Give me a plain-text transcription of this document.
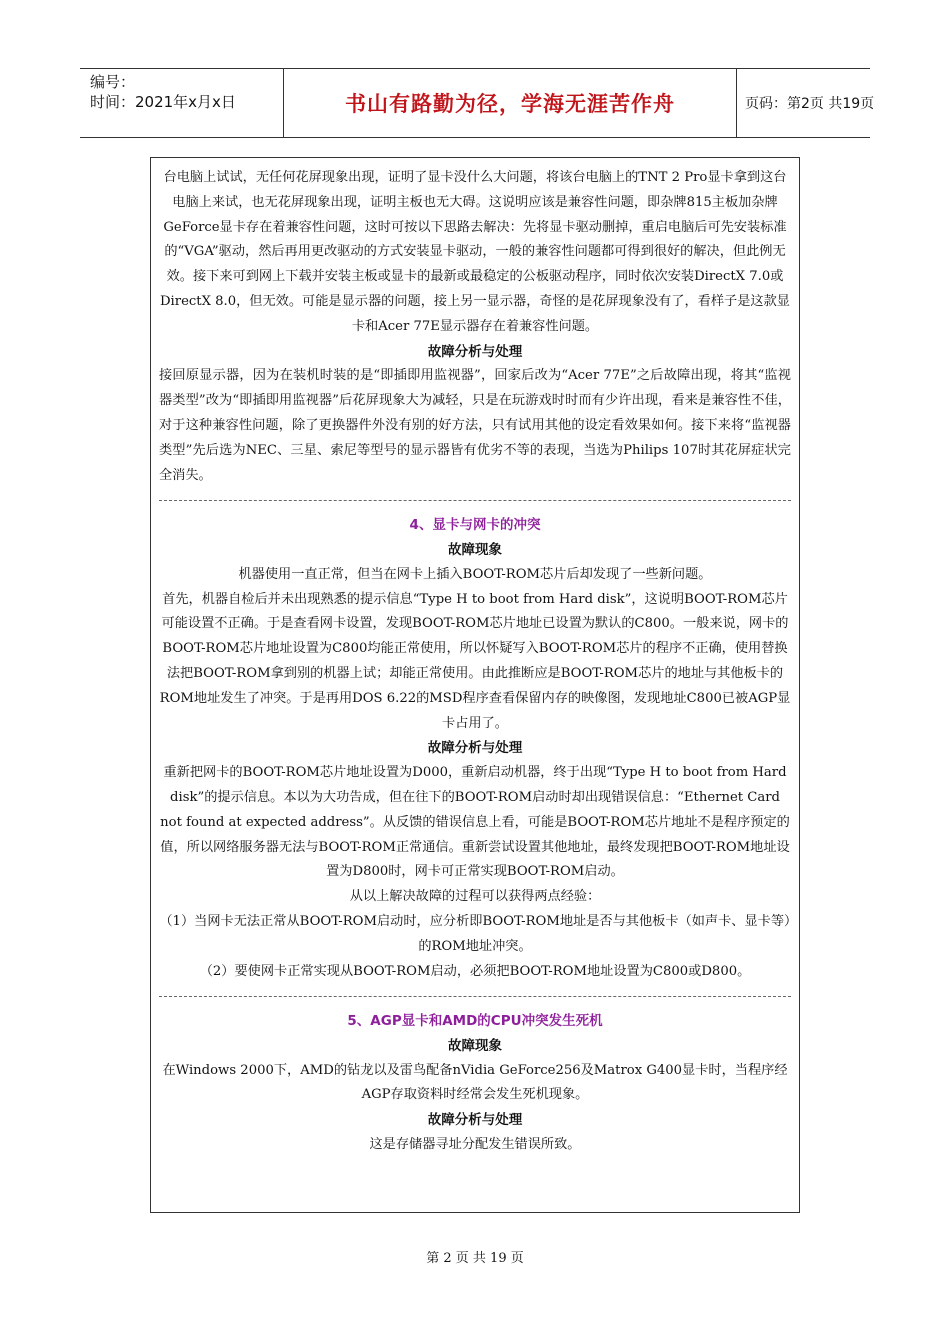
编号：
时间：2021年x月x日	书山有路勤为径，学海无涯苦作舟	页码：第2页 共19页

台电脑上试试，无任何花屏现象出现，证明了显卡没什么大问题，将该台电脑上的TNT 2 Pro显卡拿到这台电脑上来试，也无花屏现象出现，证明主板也无大碍。这说明应该是兼容性问题，即杂牌815主板加杂牌GeForce显卡存在着兼容性问题，这时可按以下思路去解决：先将显卡驱动删掉，重启电脑后可先安装标准的“VGA”驱动，然后再用更改驱动的方式安装显卡驱动，一般的兼容性问题都可得到很好的解决，但此例无效。接下来可到网上下载并安装主板或显卡的最新或最稳定的公板驱动程序，同时依次安装DirectX 7.0或DirectX 8.0，但无效。可能是显示器的问题，接上另一显示器，奇怪的是花屏现象没有了，看样子是这款显卡和Acer 77E显示器存在着兼容性问题。

故障分析与处理

接回原显示器，因为在装机时装的是“即插即用监视器”，回家后改为“Acer 77E”之后故障出现，将其“监视器类型”改为“即插即用监视器”后花屏现象大为减轻，只是在玩游戏时时而有少许出现，看来是兼容性不佳，对于这种兼容性问题，除了更换器件外没有别的好方法，只有试用其他的设定看效果如何。接下来将“监视器类型”先后选为NEC、三星、索尼等型号的显示器皆有优劣不等的表现，当选为Philips 107时其花屏症状完全消失。

4、显卡与网卡的冲突

故障现象

机器使用一直正常，但当在网卡上插入BOOT-ROM芯片后却发现了一些新问题。

首先，机器自检后并未出现熟悉的提示信息“Type H to boot from Hard disk”，这说明BOOT-ROM芯片可能设置不正确。于是查看网卡设置，发现BOOT-ROM芯片地址已设置为默认的C800。一般来说，网卡的BOOT-ROM芯片地址设置为C800均能正常使用，所以怀疑写入BOOT-ROM芯片的程序不正确，使用替换法把BOOT-ROM拿到别的机器上试；却能正常使用。由此推断应是BOOT-ROM芯片的地址与其他板卡的ROM地址发生了冲突。于是再用DOS 6.22的MSD程序查看保留内存的映像图，发现地址C800已被AGP显卡占用了。

故障分析与处理

重新把网卡的BOOT-ROM芯片地址设置为D000，重新启动机器，终于出现“Type H to boot from Hard disk”的提示信息。本以为大功告成，但在往下的BOOT-ROM启动时却出现错误信息：“Ethernet Card not found at expected address”。从反馈的错误信息上看，可能是BOOT-ROM芯片地址不是程序预定的值，所以网络服务器无法与BOOT-ROM正常通信。重新尝试设置其他地址，最终发现把BOOT-ROM地址设置为D800时，网卡可正常实现BOOT-ROM启动。

从以上解决故障的过程可以获得两点经验：

（1）当网卡无法正常从BOOT-ROM启动时，应分析即BOOT-ROM地址是否与其他板卡（如声卡、显卡等）的ROM地址冲突。

（2）要使网卡正常实现从BOOT-ROM启动，必须把BOOT-ROM地址设置为C800或D800。

5、AGP显卡和AMD的CPU冲突发生死机

故障现象

在Windows 2000下，AMD的钻龙以及雷鸟配备nVidia GeForce256及Matrox G400显卡时，当程序经AGP存取资料时经常会发生死机现象。

故障分析与处理

这是存储器寻址分配发生错误所致。

第 2 页 共 19 页
